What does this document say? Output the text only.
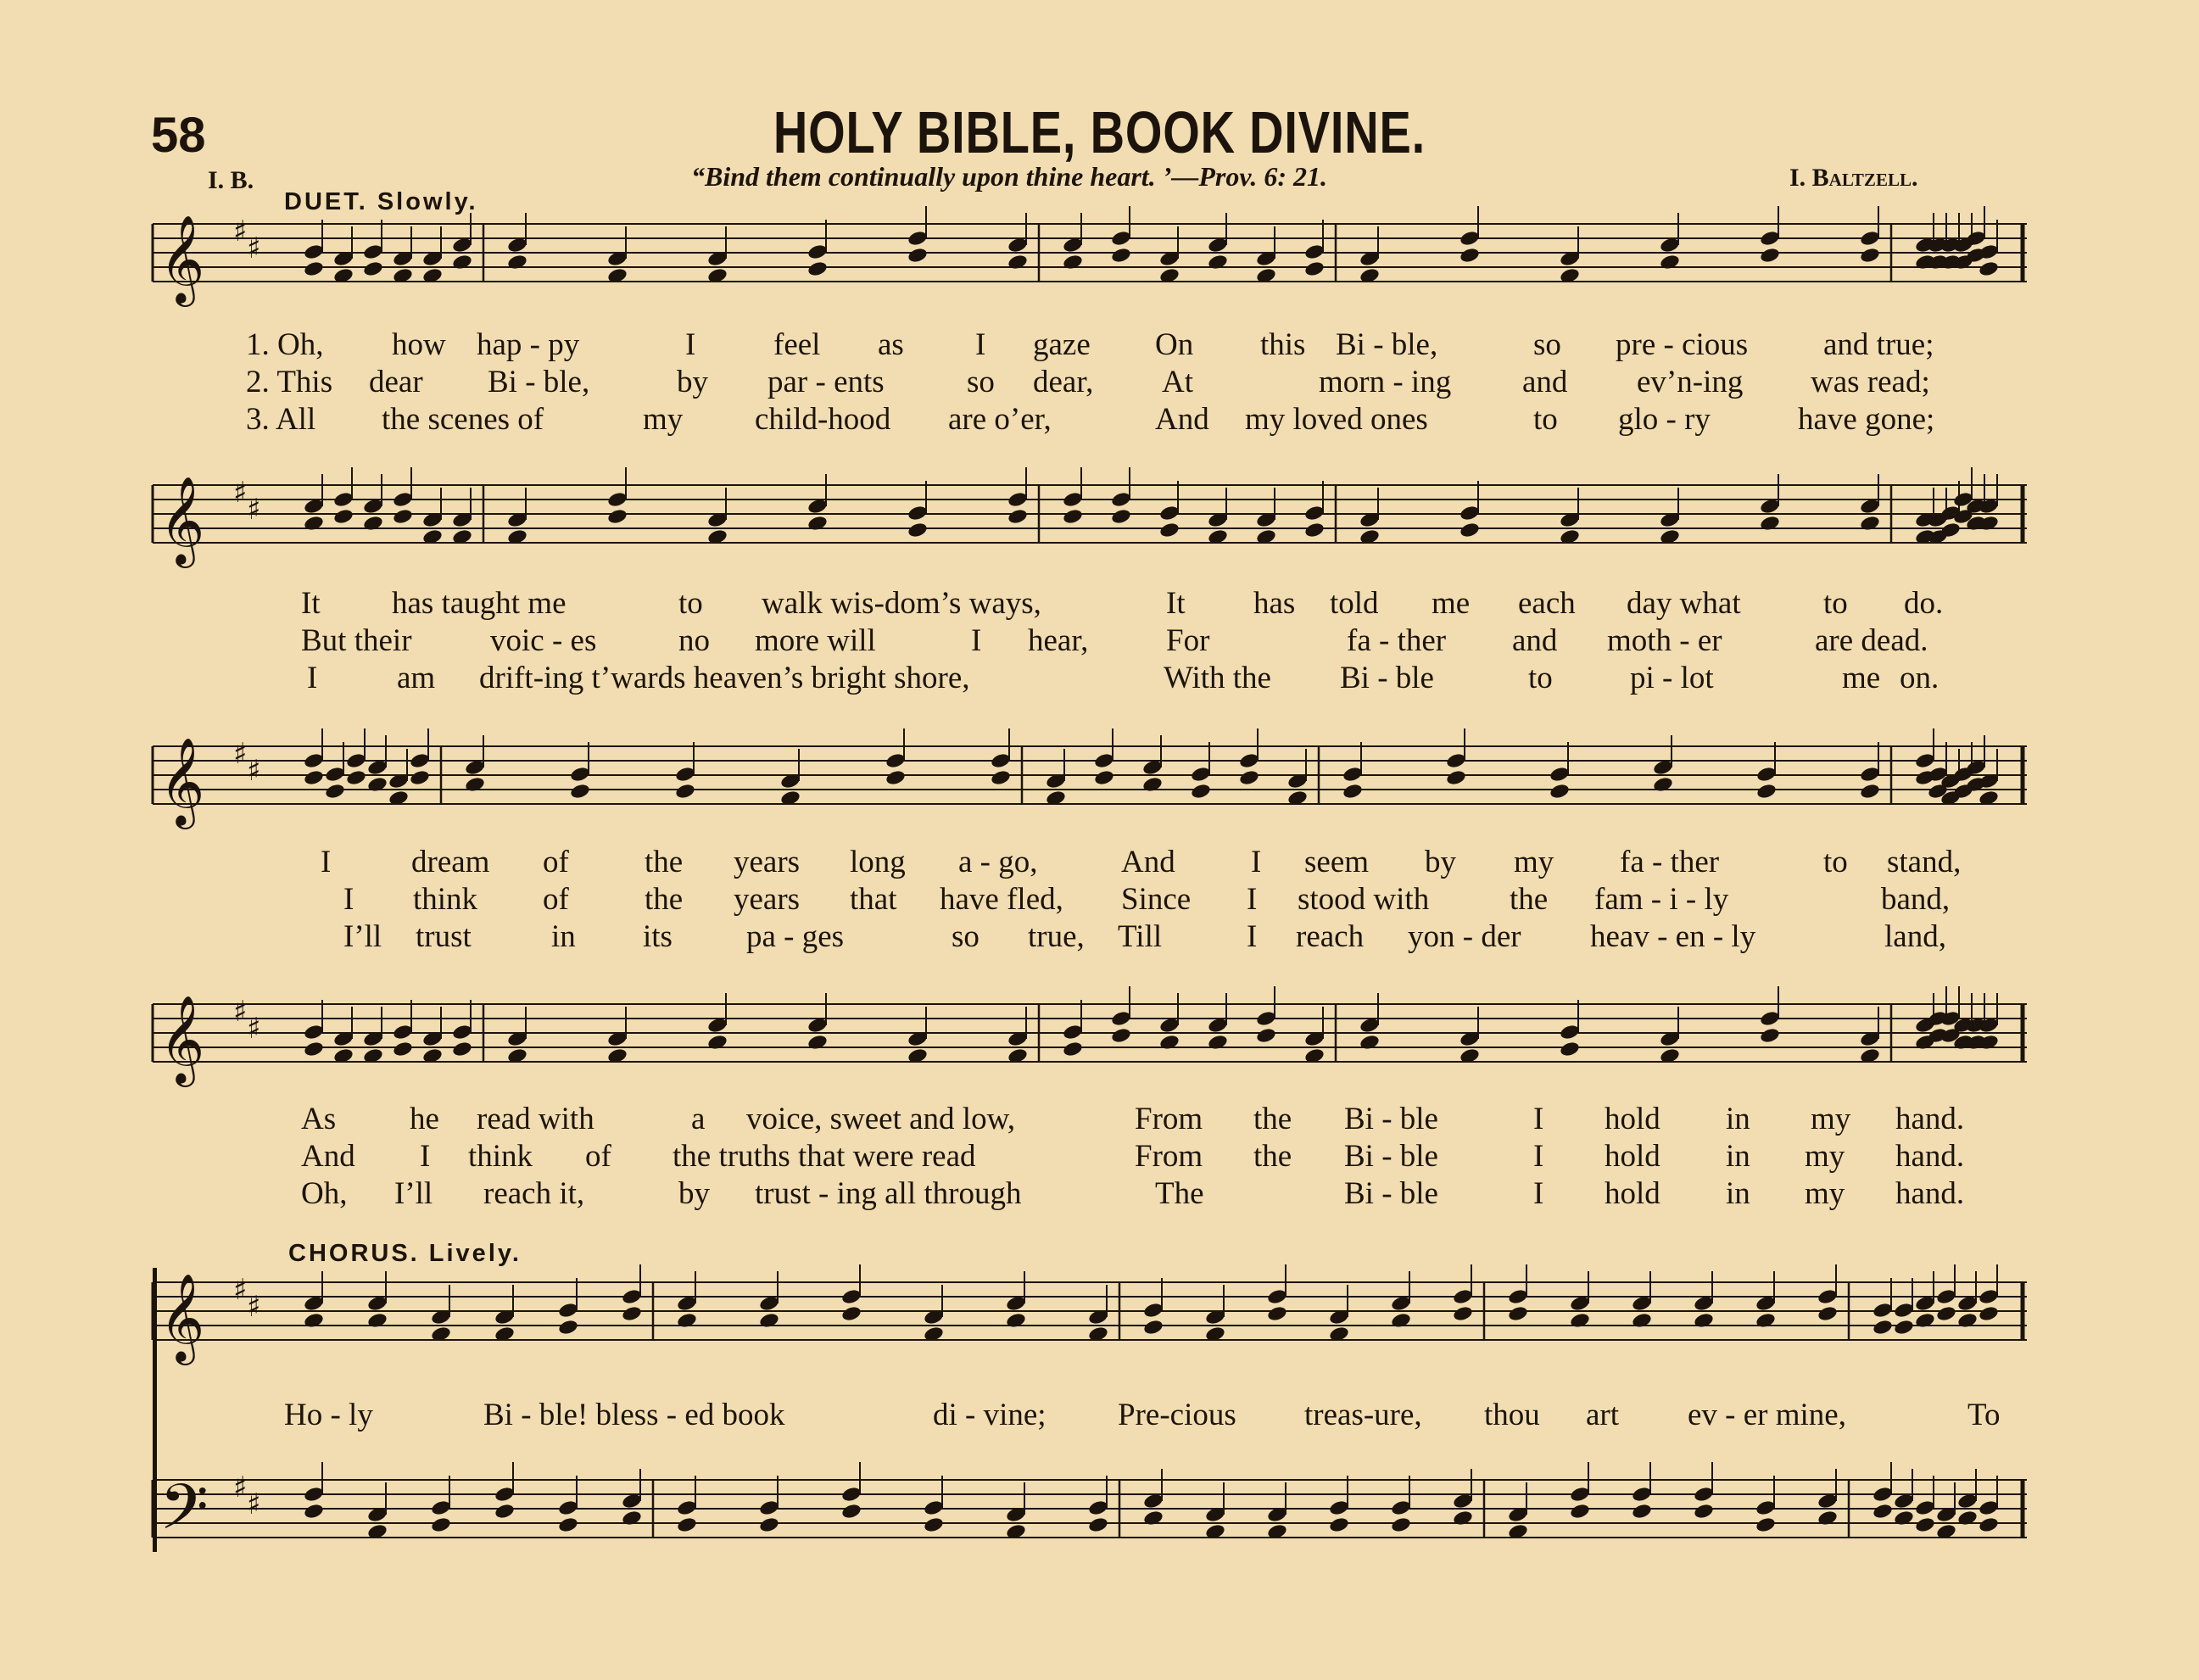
58	HOLY BIBLE, BOOK DIVINE.
I. B.	“Bind them continually upon thine heart. ’—Prov. 6: 21.	I. Baltzell.
DUET. Slowly.
CHORUS. Lively.
𝄞 ♯ ♯
𝄞 ♯ ♯
𝄞 ♯ ♯
𝄞 ♯ ♯
𝄞 ♯ ♯
𝄢 ♯ ♯
1. Oh, how hap - py	I feel as I gaze On this Bi - ble,	so pre - cious and true;
2. This dear Bi - ble,	by par - ents	so dear, At	morn - ing and ev’n-ing was read;
3. All the scenes of	my child-hood are o’er,	And my loved ones	to glo - ry	have gone;
It has taught me	to walk wis-dom’s ways,	It has told me each day what	to do.
But their voic - es	no more will	I hear, For	fa - ther and moth - er	are dead.
I	am drift-ing t’wards heaven’s bright shore,	With the Bi - ble	to pi - lot	me on.
I	dream of the years long a - go,	And I seem by my fa - ther	to stand,
I think of the years that have fled, Since I stood with	the fam - i - ly	band,
I’ll trust	in its pa - ges	so true, Till	I reach yon - der heav - en - ly	land,
As he read with	a voice, sweet and low,	From the Bi - ble	I hold in my hand.
And I think of the truths that were read	From the Bi - ble	I hold in my hand.
Oh, I’ll reach it,	by trust - ing all through	The	Bi - ble	I hold in my hand.
Ho - ly	Bi - ble! bless - ed book	di - vine; Pre-cious treas-ure, thou art ev - er mine,	To
